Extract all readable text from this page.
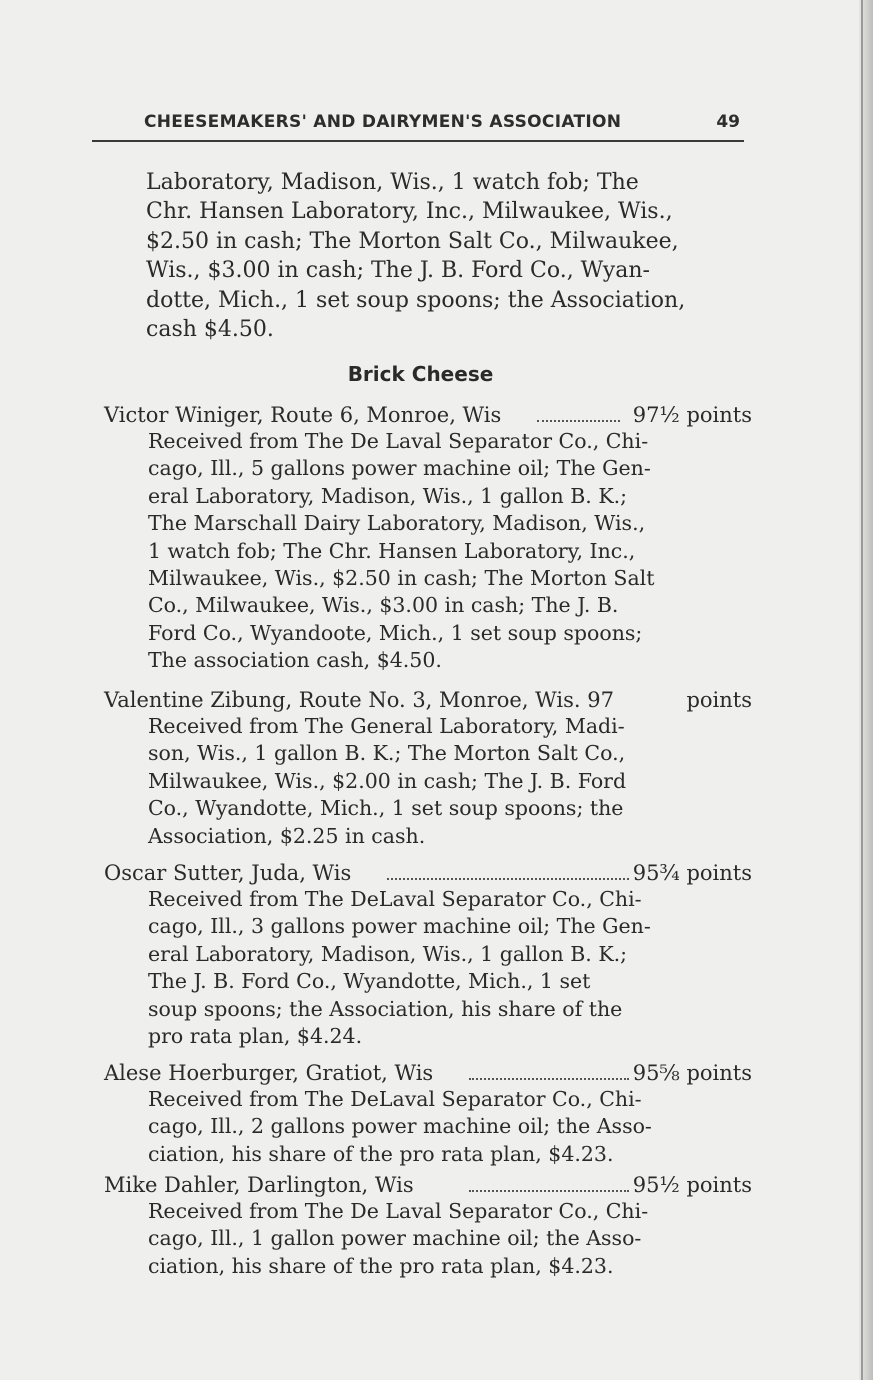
CHEESEMAKERS' AND DAIRYMEN'S ASSOCIATION	49
Laboratory, Madison, Wis., 1 watch fob; The
Chr. Hansen Laboratory, Inc., Milwaukee, Wis.,
$2.50 in cash; The Morton Salt Co., Milwaukee,
Wis., $3.00 in cash; The J. B. Ford Co., Wyan-
dotte, Mich., 1 set soup spoons; the Association,
cash $4.50.
Brick Cheese
Victor Winiger, Route 6, Monroe, Wis	97½ points
Received from The De Laval Separator Co., Chi-
cago, Ill., 5 gallons power machine oil; The Gen-
eral Laboratory, Madison, Wis., 1 gallon B. K.;
The Marschall Dairy Laboratory, Madison, Wis.,
1 watch fob; The Chr. Hansen Laboratory, Inc.,
Milwaukee, Wis., $2.50 in cash; The Morton Salt
Co., Milwaukee, Wis., $3.00 in cash; The J. B.
Ford Co., Wyandoote, Mich., 1 set soup spoons;
The association cash, $4.50.
Valentine Zibung, Route No. 3, Monroe, Wis. 97	points
Received from The General Laboratory, Madi-
son, Wis., 1 gallon B. K.; The Morton Salt Co.,
Milwaukee, Wis., $2.00 in cash; The J. B. Ford
Co., Wyandotte, Mich., 1 set soup spoons; the
Association, $2.25 in cash.
Oscar Sutter, Juda, Wis	95¾ points
Received from The DeLaval Separator Co., Chi-
cago, Ill., 3 gallons power machine oil; The Gen-
eral Laboratory, Madison, Wis., 1 gallon B. K.;
The J. B. Ford Co., Wyandotte, Mich., 1 set
soup spoons; the Association, his share of the
pro rata plan, $4.24.
Alese Hoerburger, Gratiot, Wis	95⅝ points
Received from The DeLaval Separator Co., Chi-
cago, Ill., 2 gallons power machine oil; the Asso-
ciation, his share of the pro rata plan, $4.23.
Mike Dahler, Darlington, Wis	95½ points
Received from The De Laval Separator Co., Chi-
cago, Ill., 1 gallon power machine oil; the Asso-
ciation, his share of the pro rata plan, $4.23.
